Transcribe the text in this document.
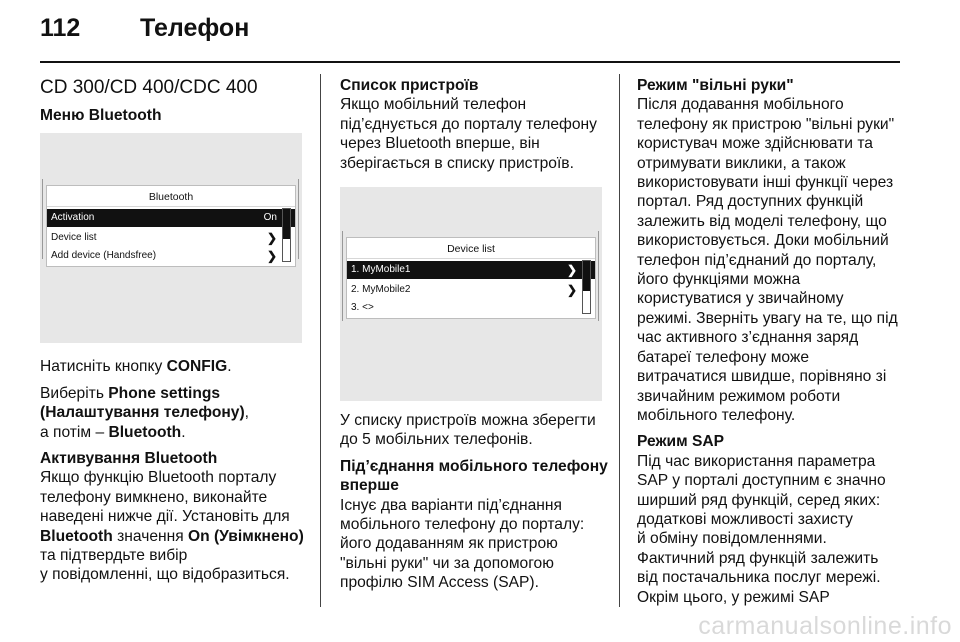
112 Телефон
CD 300/CD 400/CDC 400
Меню Bluetooth
Bluetooth
Activation	On
Device list	❯
Add device (Handsfree)	❯

Натисніть кнопку CONFIG.

Виберіть Phone settings
(Налаштування телефону),
а потім – Bluetooth.

Активування Bluetooth

Якщо функцію Bluetooth порталу
телефону вимкнено, виконайте
наведені нижче дії. Установіть для
Bluetooth значення On (Увімкнено)
та підтвердьте вибір
у повідомленні, що відобразиться.

Список пристроїв

Якщо мобільний телефон
під’єднується до порталу телефону
через Bluetooth вперше, він
зберігається в списку пристроїв.

Device list
1. MyMobile1	❯
2. MyMobile2	❯
3. <>

У списку пристроїв можна зберегти
до 5 мобільних телефонів.

Під’єднання мобільного телефону
вперше

Існує два варіанти під’єднання
мобільного телефону до порталу:
його додаванням як пристрою
"вільні руки" чи за допомогою
профілю SIM Access (SAP).

Режим "вільні руки"

Після додавання мобільного
телефону як пристрою "вільні руки"
користувач може здійснювати та
отримувати виклики, а також
використовувати інші функції через
портал. Ряд доступних функцій
залежить від моделі телефону, що
використовується. Доки мобільний
телефон під’єднаний до порталу,
його функціями можна
користуватися у звичайному
режимі. Зверніть увагу на те, що під
час активного з’єднання заряд
батареї телефону може
витрачатися швидше, порівняно зі
звичайним режимом роботи
мобільного телефону.

Режим SAP

Під час використання параметра
SAP у порталі доступним є значно
ширший ряд функцій, серед яких:
додаткові можливості захисту
й обміну повідомленнями.
Фактичний ряд функцій залежить
від постачальника послуг мережі.
Окрім цього, у режимі SAP

carmanualsonline.info
